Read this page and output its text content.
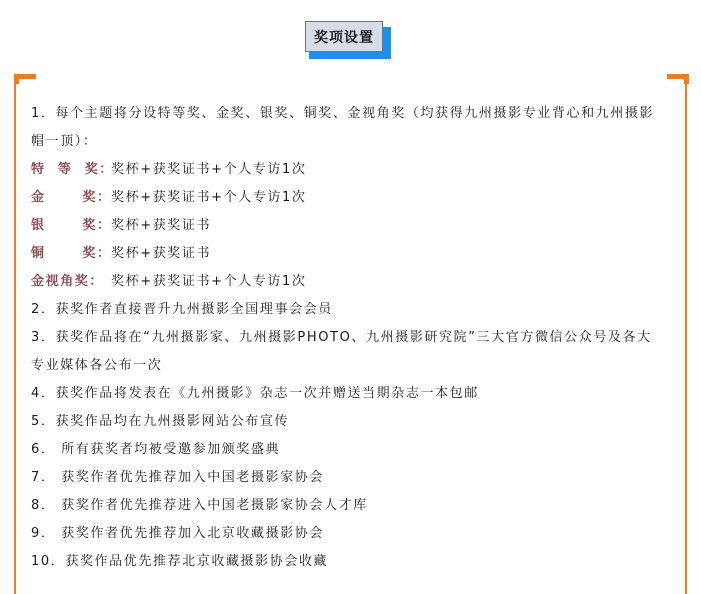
奖项设置
1．每个主题将分设特等奖、金奖、银奖、铜奖、金视角奖（均获得九州摄影专业背心和九州摄影
帽一顶）：
特  等  奖：奖杯+获奖证书+个人专访1次
金      奖：奖杯+获奖证书+个人专访1次
银      奖：奖杯+获奖证书
铜      奖：奖杯+获奖证书
金视角奖： 奖杯+获奖证书+个人专访1次
2．获奖作者直接晋升九州摄影全国理事会会员
3．获奖作品将在“九州摄影家、九州摄影PHOTO、九州摄影研究院”三大官方微信公众号及各大
专业媒体各公布一次
4．获奖作品将发表在《九州摄影》杂志一次并赠送当期杂志一本包邮
5．获奖作品均在九州摄影网站公布宣传
6． 所有获奖者均被受邀参加颁奖盛典
7． 获奖作者优先推荐加入中国老摄影家协会
8． 获奖作者优先推荐进入中国老摄影家协会人才库
9． 获奖作者优先推荐加入北京收藏摄影协会
10．获奖作品优先推荐北京收藏摄影协会收藏
